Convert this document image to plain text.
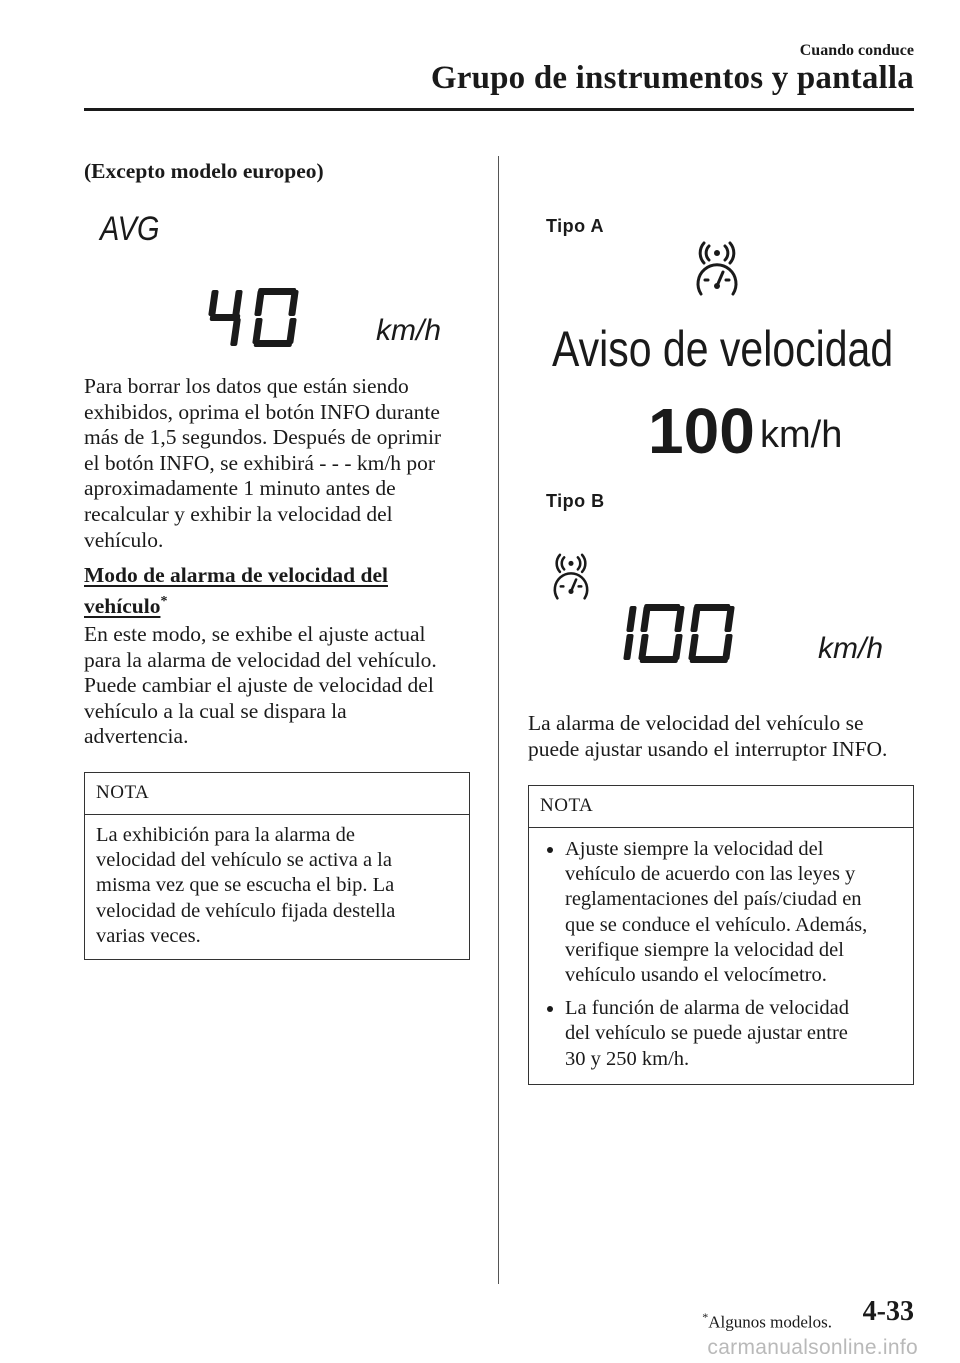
Cuando conduce
Grupo de instrumentos y pantalla
(Excepto modelo europeo)
AVG
km/h
Para borrar los datos que están siendo
exhibidos, oprima el botón INFO durante
más de 1,5 segundos. Después de oprimir
el botón INFO, se exhibirá - - - km/h por
aproximadamente 1 minuto antes de
recalcular y exhibir la velocidad del
vehículo.
Modo de alarma de velocidad del
vehículo*
En este modo, se exhibe el ajuste actual
para la alarma de velocidad del vehículo.
Puede cambiar el ajuste de velocidad del
vehículo a la cual se dispara la
advertencia.
NOTA
La exhibición para la alarma de
velocidad del vehículo se activa a la
misma vez que se escucha el bip. La
velocidad de vehículo fijada destella
varias veces.
Tipo A
Aviso de velocidad
100 km/h
Tipo B
km/h
La alarma de velocidad del vehículo se
puede ajustar usando el interruptor INFO.
NOTA
Ajuste siempre la velocidad del
vehículo de acuerdo con las leyes y
reglamentaciones del país/ciudad en
que se conduce el vehículo. Además,
verifique siempre la velocidad del
vehículo usando el velocímetro.
La función de alarma de velocidad
del vehículo se puede ajustar entre
30 y 250 km/h.
*Algunos modelos. 4-33
carmanualsonline.info
